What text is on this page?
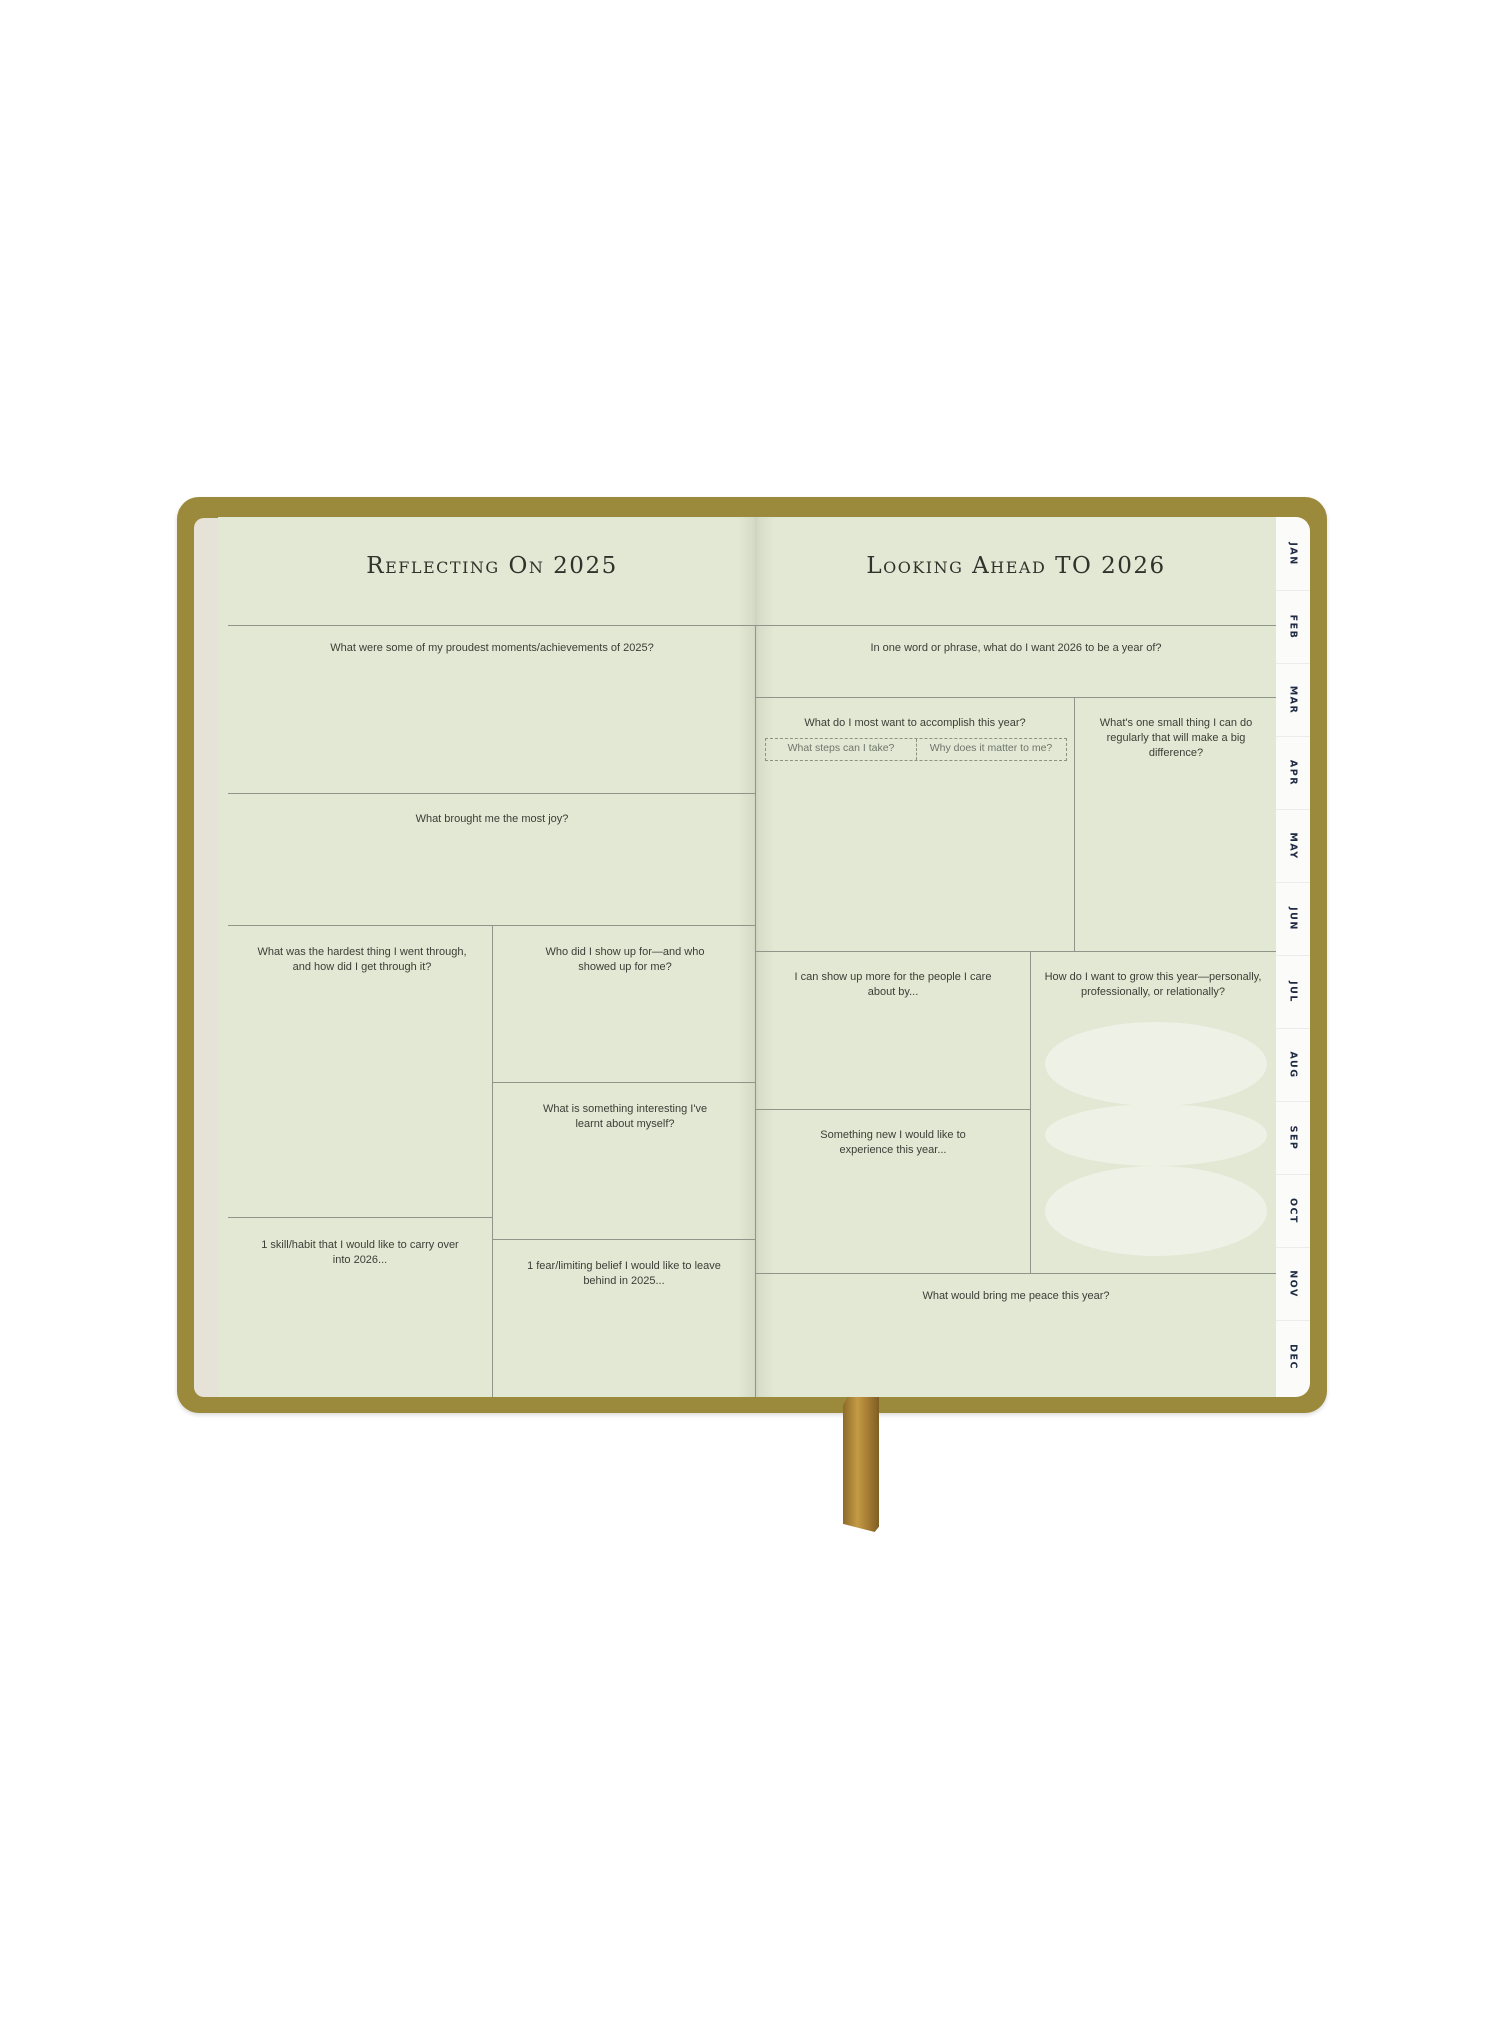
JAN
FEB
MAR
APR
MAY
JUN
JUL
AUG
SEP
OCT
NOV
DEC
Reflecting On 2025	Looking Ahead TO 2026
What were some of my proudest moments/achievements of 2025?
What brought me the most joy?
What was the hardest thing I went through, and how did I get through it?
Who did I show up for—and who showed up for me?
What is something interesting I've learnt about myself?
1 skill/habit that I would like to carry over into 2026...	1 fear/limiting belief I would like to leave behind in 2025...
In one word or phrase, what do I want 2026 to be a year of?
What do I most want to accomplish this year?
What steps can I take?	Why does it matter to me?
What's one small thing I can do regularly that will make a big difference?
I can show up more for the people I care about by...
How do I want to grow this year—personally, professionally, or relationally?
Something new I would like to experience this year...
What would bring me peace this year?
